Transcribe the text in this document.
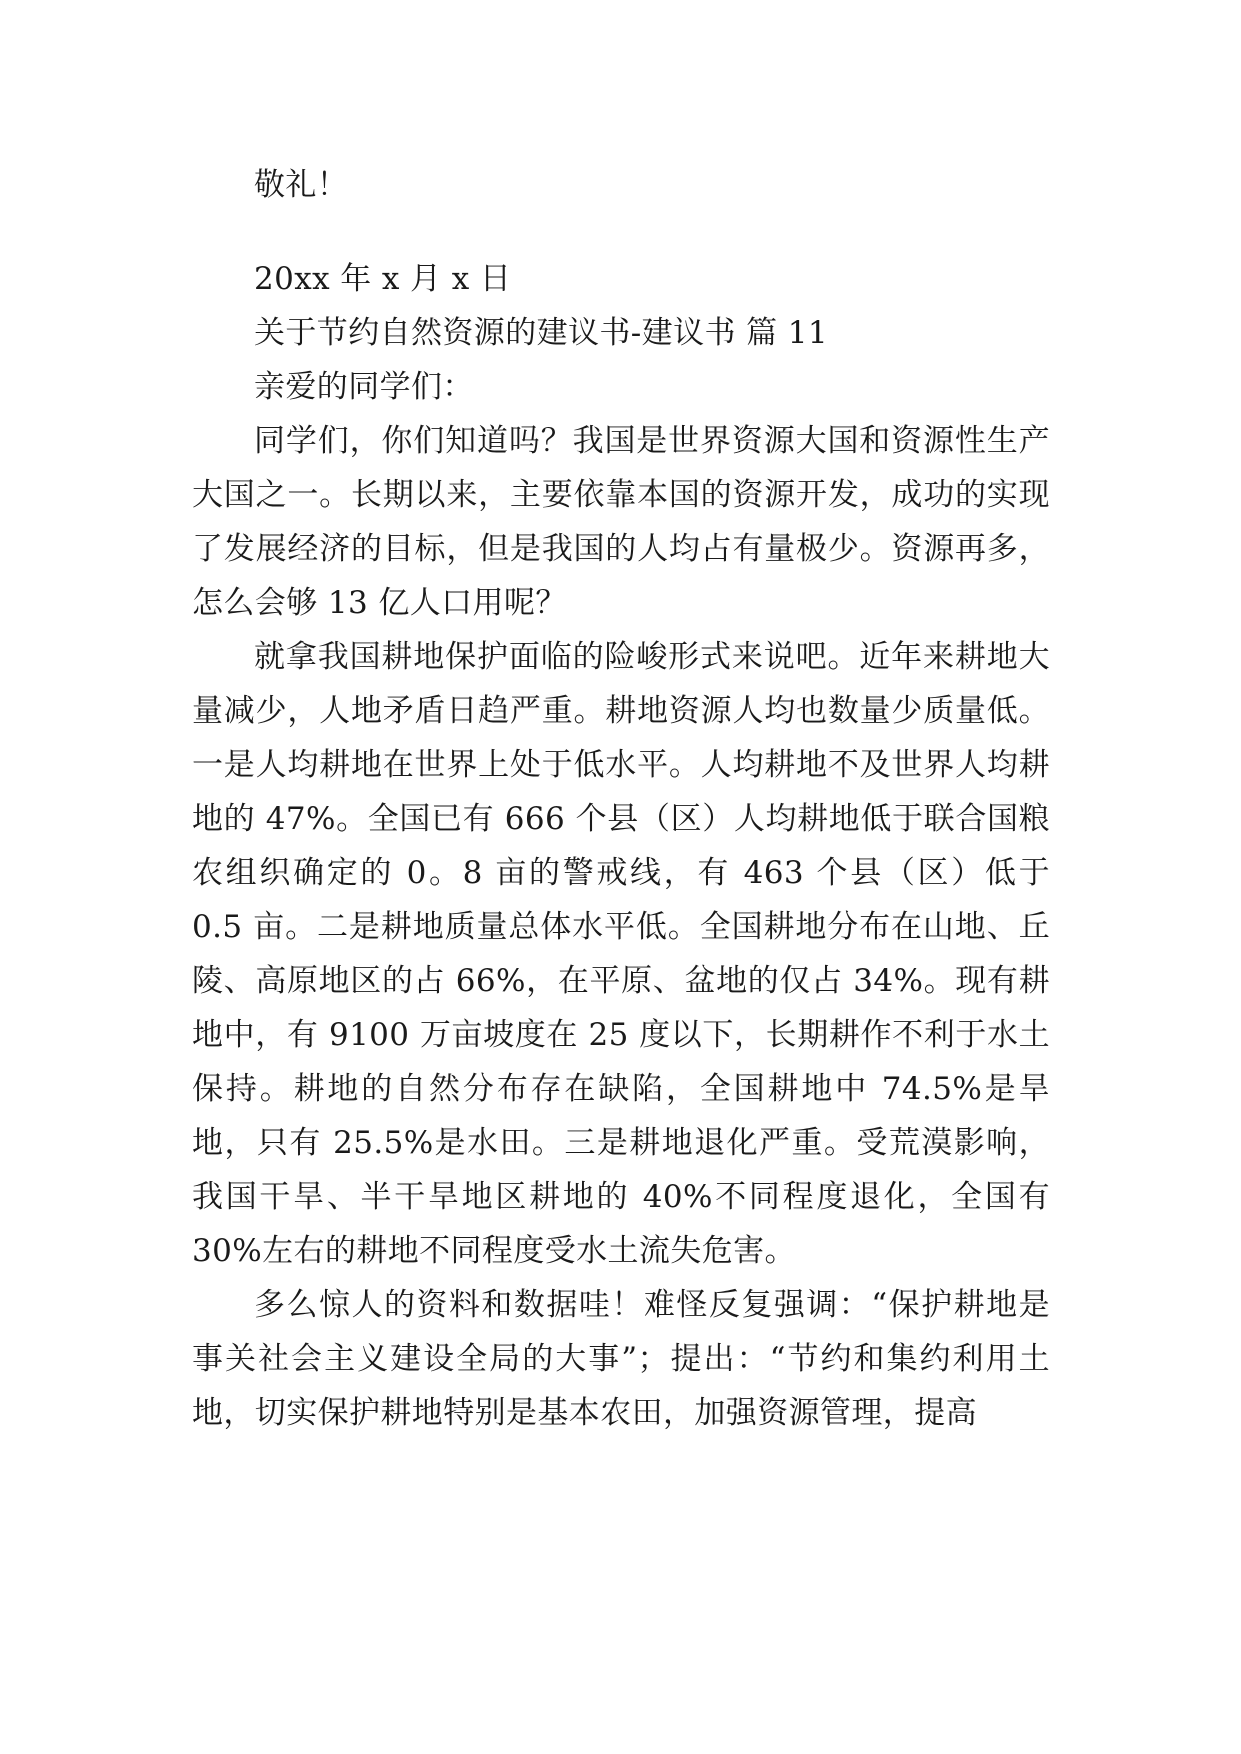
敬礼！
20xx 年 x 月 x 日
关于节约自然资源的建议书-建议书 篇 11
亲爱的同学们：

同学们，你们知道吗？我国是世界资源大国和资源性生产大国之一。长期以来，主要依靠本国的资源开发，成功的实现了发展经济的目标，但是我国的人均占有量极少。资源再多，怎么会够 13 亿人口用呢？

就拿我国耕地保护面临的险峻形式来说吧。近年来耕地大量减少，人地矛盾日趋严重。耕地资源人均也数量少质量低。一是人均耕地在世界上处于低水平。人均耕地不及世界人均耕地的 47%。全国已有 666 个县（区）人均耕地低于联合国粮农组织确定的 0。8 亩的警戒线，有 463 个县（区）低于 0.5 亩。二是耕地质量总体水平低。全国耕地分布在山地、丘陵、高原地区的占 66%，在平原、盆地的仅占 34%。现有耕地中，有 9100 万亩坡度在 25 度以下，长期耕作不利于水土保持。耕地的自然分布存在缺陷，全国耕地中 74.5%是旱地，只有 25.5%是水田。三是耕地退化严重。受荒漠影响，我国干旱、半干旱地区耕地的 40%不同程度退化，全国有 30%左右的耕地不同程度受水土流失危害。

多么惊人的资料和数据哇！难怪反复强调：“保护耕地是事关社会主义建设全局的大事”；提出：“节约和集约利用土地，切实保护耕地特别是基本农田，加强资源管理，提高
